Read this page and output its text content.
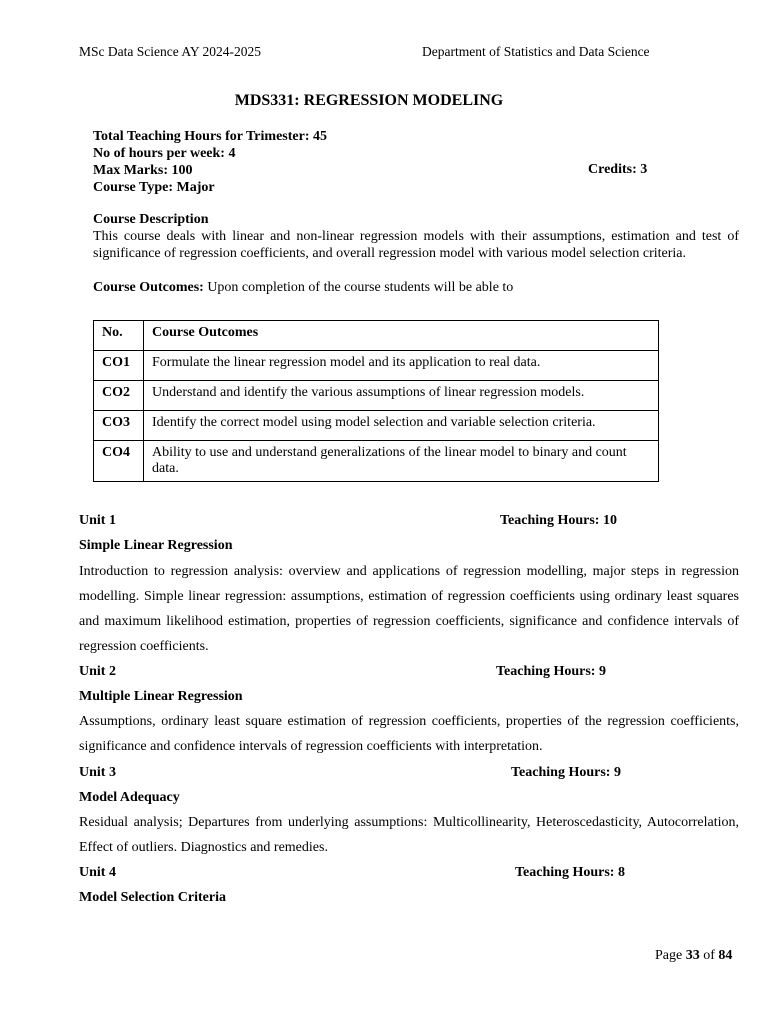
MSc Data Science AY 2024-2025	Department of Statistics and Data Science
MDS331: REGRESSION MODELING
Total Teaching Hours for Trimester: 45
No of hours per week: 4
Max Marks: 100	Credits: 3
Course Type: Major
Course Description
This course deals with linear and non-linear regression models with their assumptions, estimation and test of significance of regression coefficients, and overall regression model with various model selection criteria.
Course Outcomes: Upon completion of the course students will be able to
No.	Course Outcomes
CO1	Formulate the linear regression model and its application to real data.
CO2	Understand and identify the various assumptions of linear regression models.
CO3	Identify the correct model using model selection and variable selection criteria.
CO4	Ability to use and understand generalizations of the linear model to binary and count data.
Unit 1	Teaching Hours: 10
Simple Linear Regression
Introduction to regression analysis: overview and applications of regression modelling, major steps in regression modelling. Simple linear regression: assumptions, estimation of regression coefficients using ordinary least squares and maximum likelihood estimation, properties of regression coefficients, significance and confidence intervals of regression coefficients.
Unit 2	Teaching Hours: 9
Multiple Linear Regression
Assumptions, ordinary least square estimation of regression coefficients, properties of the regression coefficients, significance and confidence intervals of regression coefficients with interpretation.
Unit 3	Teaching Hours: 9
Model Adequacy
Residual analysis; Departures from underlying assumptions: Multicollinearity, Heteroscedasticity, Autocorrelation, Effect of outliers. Diagnostics and remedies.
Unit 4	Teaching Hours: 8
Model Selection Criteria
Page 33 of 84
